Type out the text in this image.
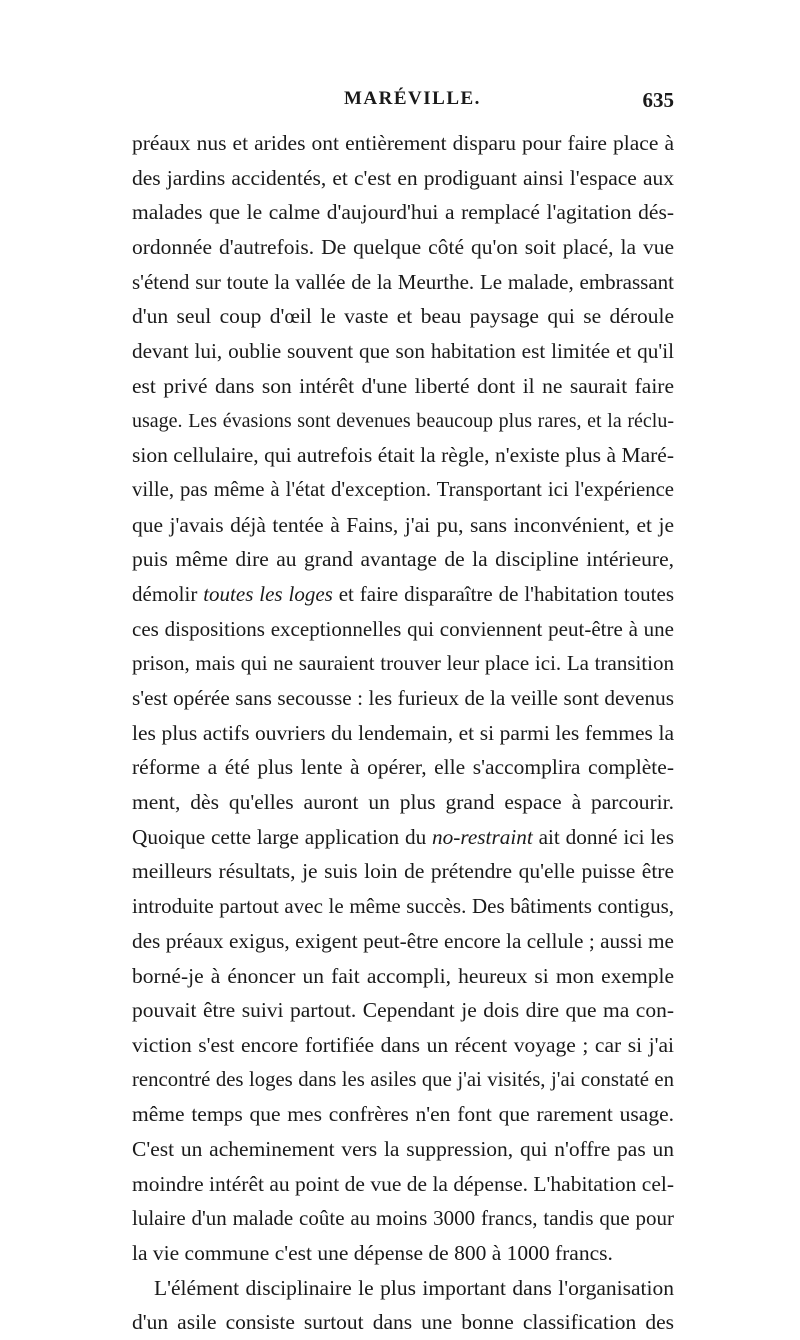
MARÉVILLE.	635
préaux nus et arides ont entièrement disparu pour faire place à
des jardins accidentés, et c'est en prodiguant ainsi l'espace aux
malades que le calme d'aujourd'hui a remplacé l'agitation dés-
ordonnée d'autrefois. De quelque côté qu'on soit placé, la vue
s'étend sur toute la vallée de la Meurthe. Le malade, embrassant
d'un seul coup d'œil le vaste et beau paysage qui se déroule
devant lui, oublie souvent que son habitation est limitée et qu'il
est privé dans son intérêt d'une liberté dont il ne saurait faire
usage. Les évasions sont devenues beaucoup plus rares, et la réclu-
sion cellulaire, qui autrefois était la règle, n'existe plus à Maré-
ville, pas même à l'état d'exception. Transportant ici l'expérience
que j'avais déjà tentée à Fains, j'ai pu, sans inconvénient, et je
puis même dire au grand avantage de la discipline intérieure,
démolir toutes les loges et faire disparaître de l'habitation toutes
ces dispositions exceptionnelles qui conviennent peut-être à une
prison, mais qui ne sauraient trouver leur place ici. La transition
s'est opérée sans secousse : les furieux de la veille sont devenus
les plus actifs ouvriers du lendemain, et si parmi les femmes la
réforme a été plus lente à opérer, elle s'accomplira complète-
ment, dès qu'elles auront un plus grand espace à parcourir.
Quoique cette large application du no-restraint ait donné ici les
meilleurs résultats, je suis loin de prétendre qu'elle puisse être
introduite partout avec le même succès. Des bâtiments contigus,
des préaux exigus, exigent peut-être encore la cellule ; aussi me
borné-je à énoncer un fait accompli, heureux si mon exemple
pouvait être suivi partout. Cependant je dois dire que ma con-
viction s'est encore fortifiée dans un récent voyage ; car si j'ai
rencontré des loges dans les asiles que j'ai visités, j'ai constaté en
même temps que mes confrères n'en font que rarement usage.
C'est un acheminement vers la suppression, qui n'offre pas un
moindre intérêt au point de vue de la dépense. L'habitation cel-
lulaire d'un malade coûte au moins 3000 francs, tandis que pour
la vie commune c'est une dépense de 800 à 1000 francs.
L'élément disciplinaire le plus important dans l'organisation
d'un asile consiste surtout dans une bonne classification des
